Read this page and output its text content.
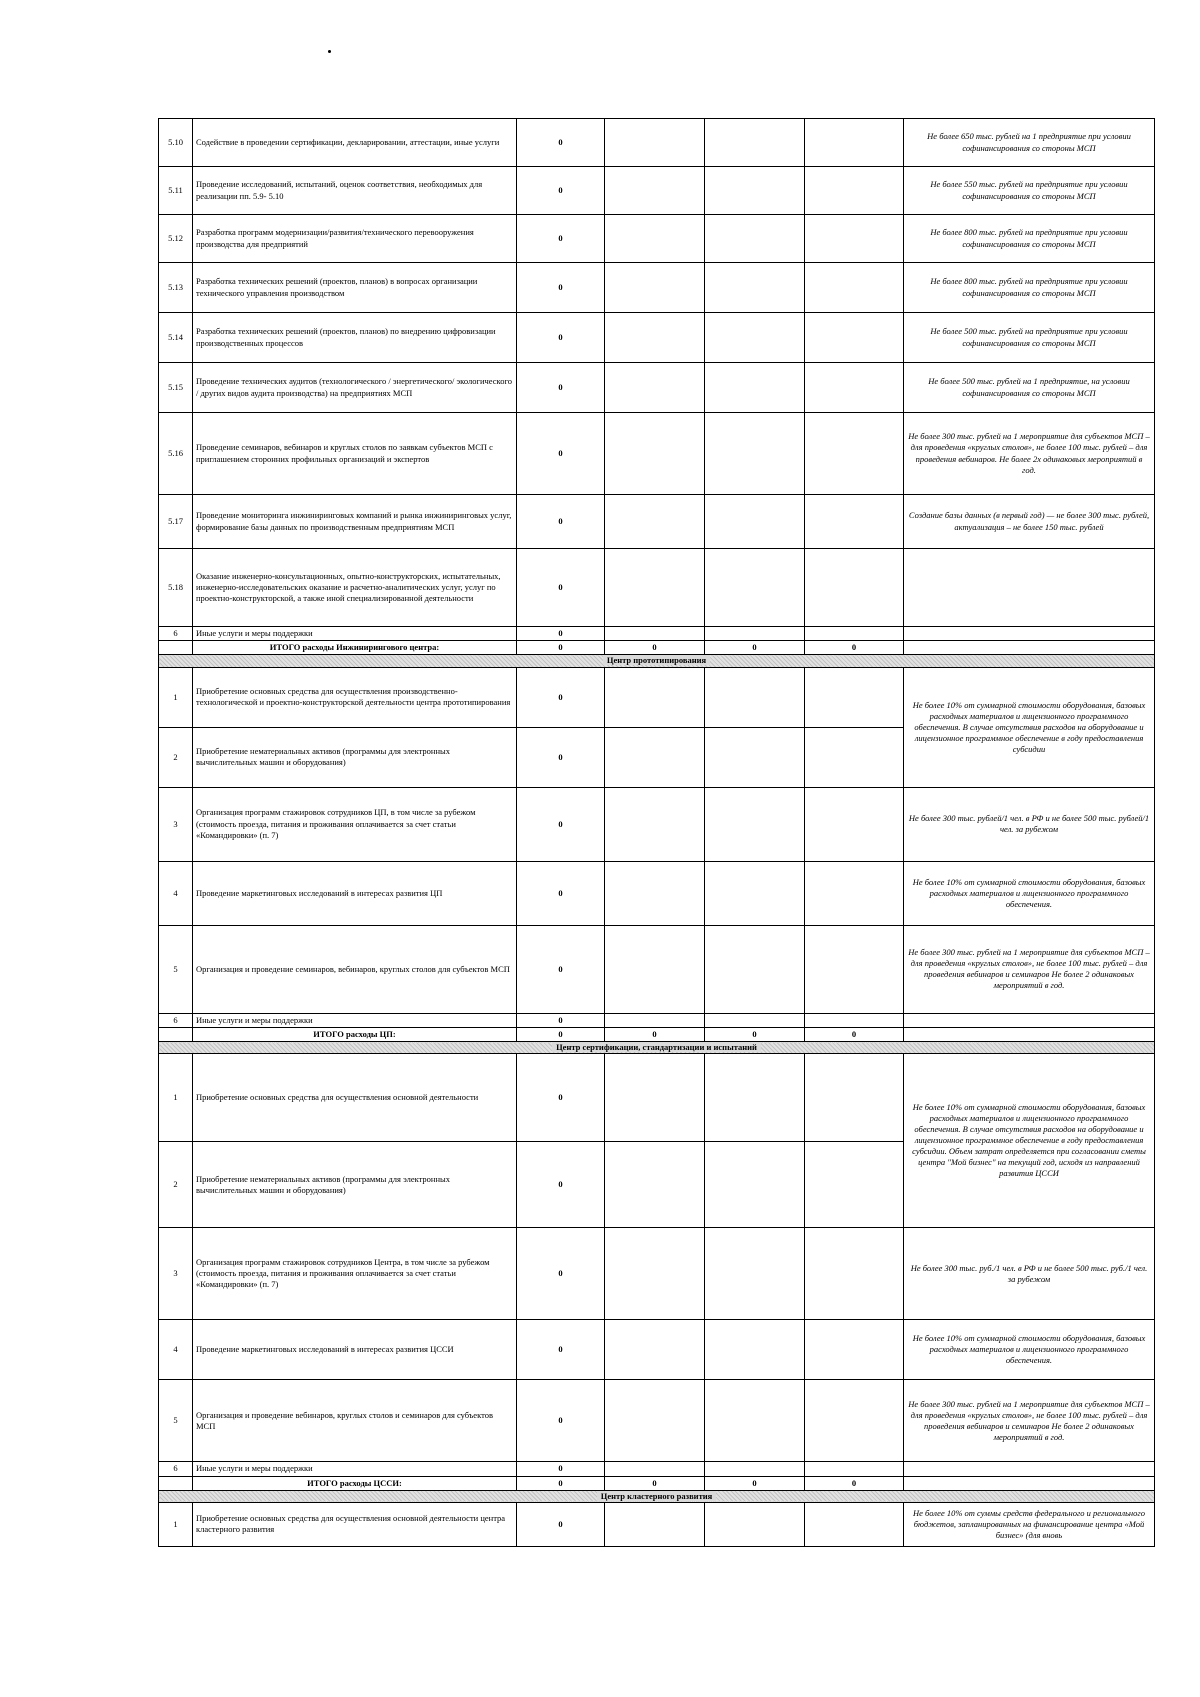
5.10	Содействие в проведении сертификации, декларировании, аттестации, иные услуги	0				Не более 650 тыс. рублей на 1 предприятие при условии софинансирования со стороны МСП
5.11	Проведение исследований, испытаний, оценок соответствия, необходимых для реализации пп. 5.9- 5.10	0				Не более 550 тыс. рублей на предприятие при условии софинансирования со стороны МСП
5.12	Разработка программ модернизации/развития/технического перевооружения производства для предприятий	0				Не более 800 тыс. рублей на предприятие при условии софинансирования со стороны МСП
5.13	Разработка технических решений (проектов, планов) в вопросах организации технического управления производством	0				Не более 800 тыс. рублей на предприятие при условии софинансирования со стороны МСП
5.14	Разработка технических решений (проектов, планов) по внедрению цифровизации производственных процессов	0				Не более 500 тыс. рублей на предприятие при условии софинансирования со стороны МСП
5.15	Проведение технических аудитов (технологического / энергетического/ экологического / других видов аудита производства) на предприятиях МСП	0				Не более 500 тыс. рублей на 1 предприятие, на условии софинансирования со стороны МСП
5.16	Проведение семинаров, вебинаров и круглых столов по заявкам субъектов МСП с приглашением сторонних профильных организаций и экспертов	0				Не более 300 тыс. рублей на 1 мероприятие для субъектов МСП – для проведения «круглых столов», не более 100 тыс. рублей – для проведения вебинаров. Не более 2х одинаковых мероприятий в год.
5.17	Проведение мониторинга инжиниринговых компаний и рынка инжиниринговых услуг, формирование базы данных по производственным предприятиям МСП	0				Создание базы данных (в первый год) — не более 300 тыс. рублей, актуализация – не более 150 тыс. рублей
5.18	Оказание инженерно-консультационных, опытно-конструкторских, испытательных, инженерно-исследовательских оказание и расчетно-аналитических услуг, услуг по проектно-конструкторской, а также иной специализированной деятельности	0				
6	Иные услуги и меры поддержки	0				
	ИТОГО расходы Инжинирингового центра:	0	0	0	0	
Центр прототипирования						
1	Приобретение основных средства для осуществления производственно-технологической и проектно-конструкторской деятельности центра прототипирования	0				Не более 10% от суммарной стоимости оборудования, базовых расходных материалов и лицензионного программного обеспечения. В случае отсутствия расходов на оборудование и лицензионное программное обеспечение в году предоставления субсидии
2	Приобретение нематериальных активов (программы для электронных вычислительных машин и оборудования)	0				
3	Организация программ стажировок сотрудников ЦП, в том числе за рубежом (стоимость проезда, питания и проживания оплачивается за счет статьи «Командировки» (п. 7)	0				Не более 300 тыс. рублей/1 чел. в РФ и не более 500 тыс. рублей/1 чел. за рубежом
4	Проведение маркетинговых исследований в интересах развития ЦП	0				Не более 10% от суммарной стоимости оборудования, базовых расходных материалов и лицензионного программного обеспечения.
5	Организация и проведение семинаров, вебинаров, круглых столов для субъектов МСП	0				Не более 300 тыс. рублей на 1 мероприятие для субъектов МСП – для проведения «круглых столов», не более 100 тыс. рублей – для проведения вебинаров и семинаров Не более 2 одинаковых мероприятий в год.
6	Иные услуги и меры поддержки	0				
	ИТОГО расходы ЦП:	0	0	0	0	
Центр сертификации, стандартизации и испытаний						
1	Приобретение основных средства для осуществления основной деятельности	0				Не более 10% от суммарной стоимости оборудования, базовых расходных материалов и лицензионного программного обеспечения. В случае отсутствия расходов на оборудование и лицензионное программное обеспечение в году предоставления субсидии. Объем затрат определяется при согласовании сметы центра "Мой бизнес" на текущий год, исходя из направлений развития ЦССИ
2	Приобретение нематериальных активов (программы для электронных вычислительных машин и оборудования)	0				
3	Организация программ стажировок сотрудников Центра, в том числе за рубежом (стоимость проезда, питания и проживания оплачивается за счет статьи «Командировки» (п. 7)	0				Не более 300 тыс. руб./1 чел. в РФ и не более 500 тыс. руб./1 чел. за рубежом
4	Проведение маркетинговых исследований в интересах развития ЦССИ	0				Не более 10% от суммарной стоимости оборудования, базовых расходных материалов и лицензионного программного обеспечения.
5	Организация и проведение вебинаров, круглых столов и семинаров для субъектов МСП	0				Не более 300 тыс. рублей на 1 мероприятие для субъектов МСП – для проведения «круглых столов», не более 100 тыс. рублей – для проведения вебинаров и семинаров Не более 2 одинаковых мероприятий в год.
6	Иные услуги и меры поддержки	0				
	ИТОГО расходы ЦССИ:	0	0	0	0	
Центр кластерного развития						
1	Приобретение основных средства для осуществления основной деятельности центра кластерного развития	0				Не более 10% от суммы средств федерального и регионального бюджетов, запланированных на финансирование центра «Мой бизнес» (для вновь
